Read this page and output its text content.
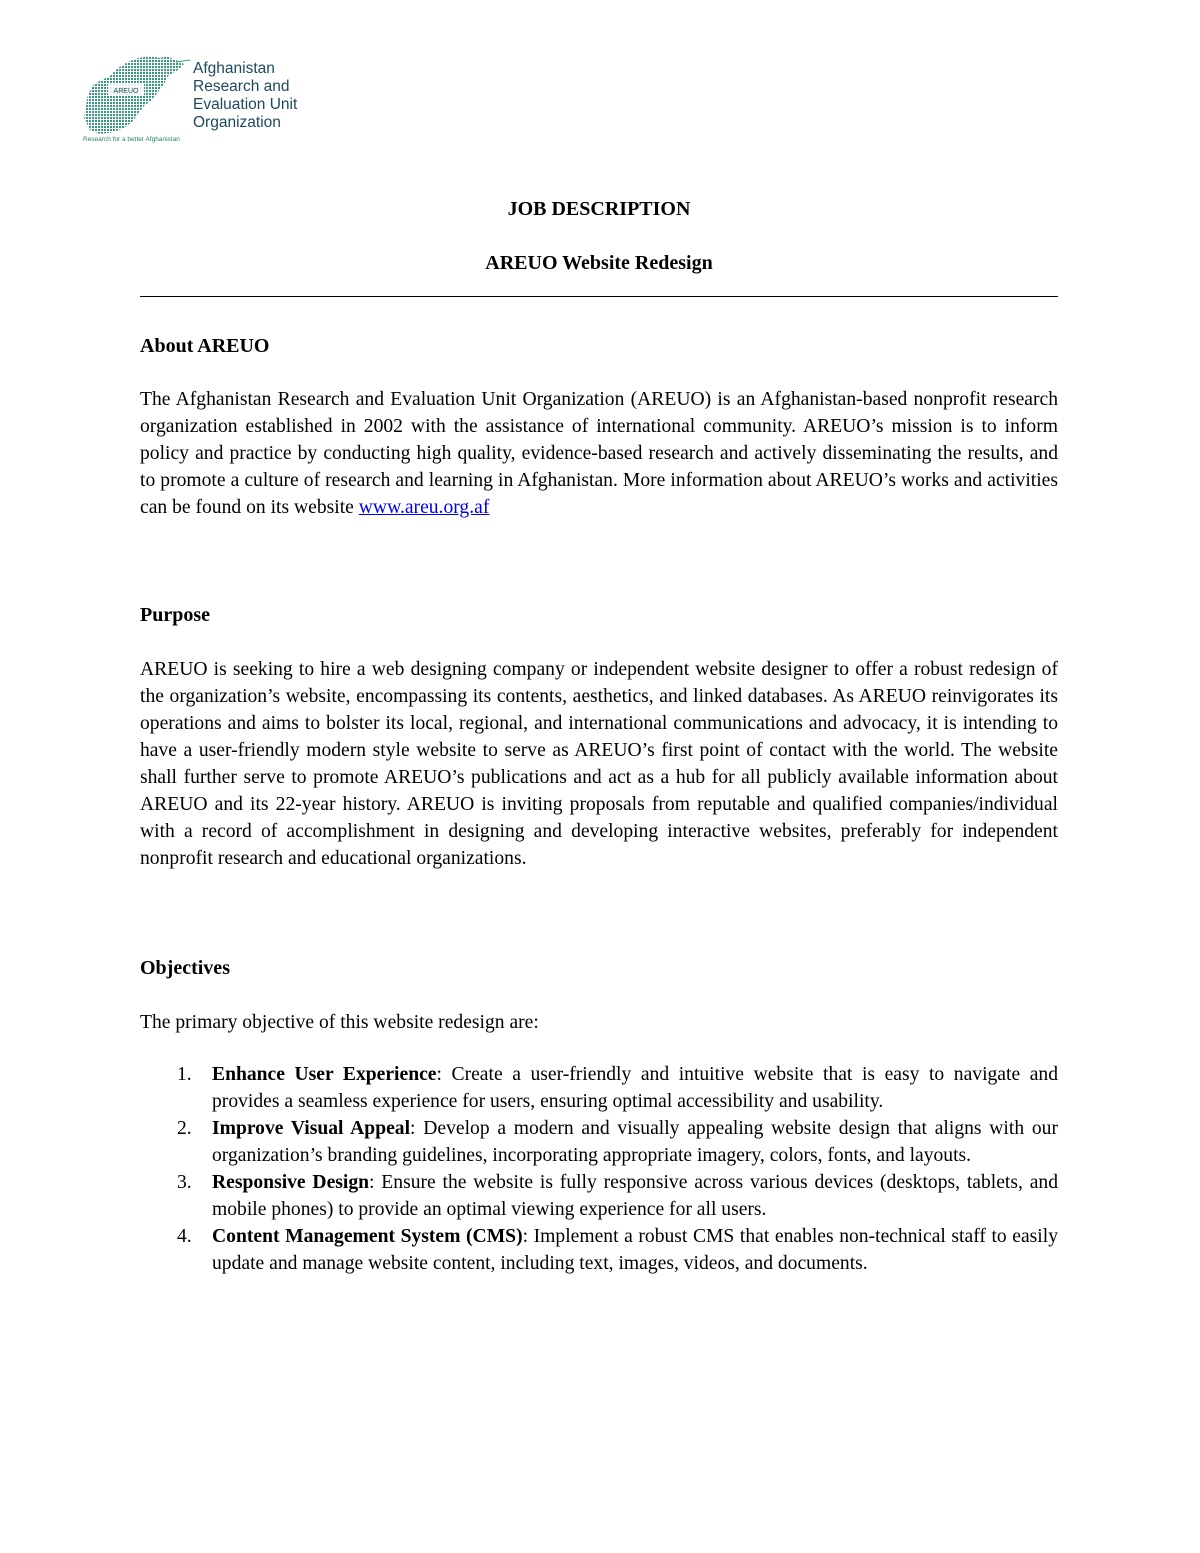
AREUO
Afghanistan
Research and
Evaluation Unit
Organization
Research for a better Afghanistan
JOB DESCRIPTION
AREUO Website Redesign
About AREUO
The Afghanistan Research and Evaluation Unit Organization (AREUO) is an Afghanistan-based nonprofit research organization established in 2002 with the assistance of international community. AREUO’s mission is to inform policy and practice by conducting high quality, evidence-based research and actively disseminating the results, and to promote a culture of research and learning in Afghanistan. More information about AREUO’s works and activities can be found on its website www.areu.org.af
Purpose
AREUO is seeking to hire a web designing company or independent website designer to offer a robust redesign of the organization’s website, encompassing its contents, aesthetics, and linked databases. As AREUO reinvigorates its operations and aims to bolster its local, regional, and international communications and advocacy, it is intending to have a user-friendly modern style website to serve as AREUO’s first point of contact with the world. The website shall further serve to promote AREUO’s publications and act as a hub for all publicly available information about AREUO and its 22-year history. AREUO is inviting proposals from reputable and qualified companies/individual with a record of accomplishment in designing and developing interactive websites, preferably for independent nonprofit research and educational organizations.
Objectives
The primary objective of this website redesign are:
1. Enhance User Experience: Create a user-friendly and intuitive website that is easy to navigate and provides a seamless experience for users, ensuring optimal accessibility and usability.
2. Improve Visual Appeal: Develop a modern and visually appealing website design that aligns with our organization’s branding guidelines, incorporating appropriate imagery, colors, fonts, and layouts.
3. Responsive Design: Ensure the website is fully responsive across various devices (desktops, tablets, and mobile phones) to provide an optimal viewing experience for all users.
4. Content Management System (CMS): Implement a robust CMS that enables non-technical staff to easily update and manage website content, including text, images, videos, and documents.
